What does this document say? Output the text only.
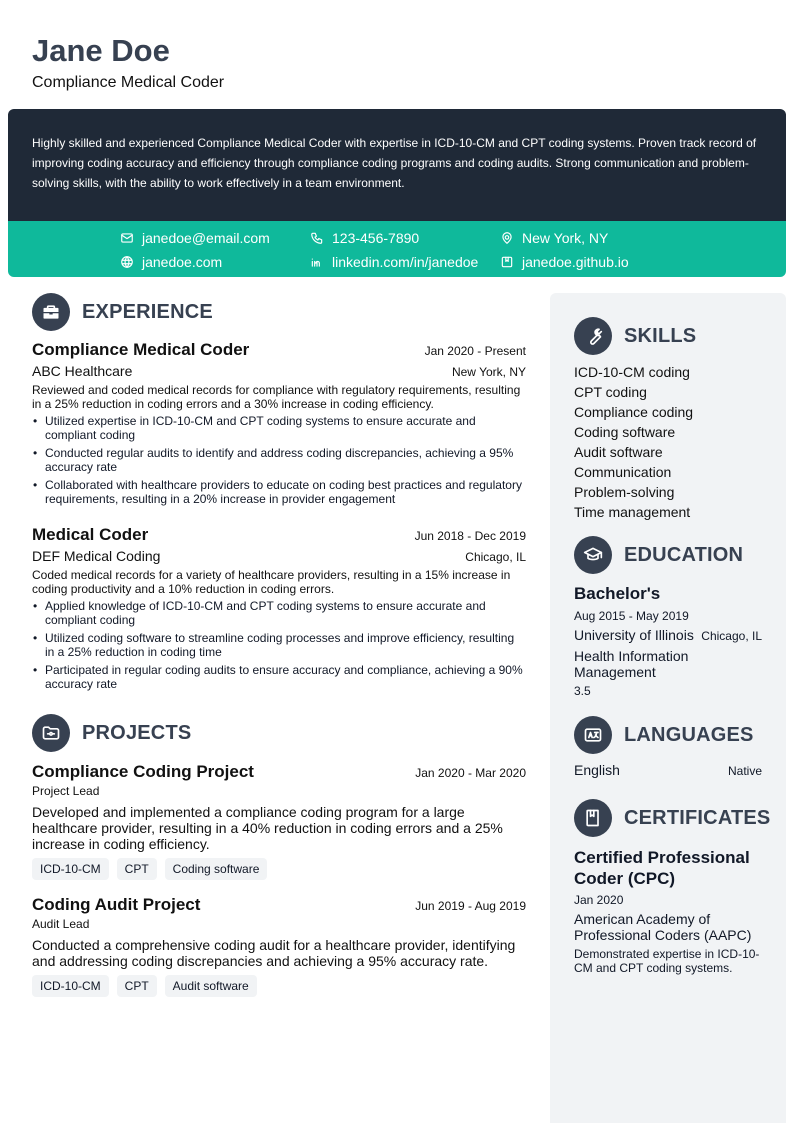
Jane Doe
Compliance Medical Coder

Highly skilled and experienced Compliance Medical Coder with expertise in ICD-10-CM and CPT coding systems. Proven track record of improving coding accuracy and efficiency through compliance coding programs and coding audits. Strong communication and problem-solving skills, with the ability to work effectively in a team environment.

janedoe@email.com	123-456-7890	New York, NY
janedoe.com	linkedin.com/in/janedoe	janedoe.github.io
EXPERIENCE
Compliance Medical Coder	Jan 2020 - Present
ABC Healthcare	New York, NY
Reviewed and coded medical records for compliance with regulatory requirements, resulting in a 25% reduction in coding errors and a 30% increase in coding efficiency.
• Utilized expertise in ICD-10-CM and CPT coding systems to ensure accurate and compliant coding
• Conducted regular audits to identify and address coding discrepancies, achieving a 95% accuracy rate
• Collaborated with healthcare providers to educate on coding best practices and regulatory requirements, resulting in a 20% increase in provider engagement
Medical Coder	Jun 2018 - Dec 2019
DEF Medical Coding	Chicago, IL
Coded medical records for a variety of healthcare providers, resulting in a 15% increase in coding productivity and a 10% reduction in coding errors.
• Applied knowledge of ICD-10-CM and CPT coding systems to ensure accurate and compliant coding
• Utilized coding software to streamline coding processes and improve efficiency, resulting in a 25% reduction in coding time
• Participated in regular coding audits to ensure accuracy and compliance, achieving a 90% accuracy rate
PROJECTS
Compliance Coding Project	Jan 2020 - Mar 2020
Project Lead
Developed and implemented a compliance coding program for a large healthcare provider, resulting in a 40% reduction in coding errors and a 25% increase in coding efficiency.
ICD-10-CM	CPT	Coding software
Coding Audit Project	Jun 2019 - Aug 2019
Audit Lead
Conducted a comprehensive coding audit for a healthcare provider, identifying and addressing coding discrepancies and achieving a 95% accuracy rate.
ICD-10-CM	CPT	Audit software
SKILLS
ICD-10-CM coding
CPT coding
Compliance coding
Coding software
Audit software
Communication
Problem-solving
Time management
EDUCATION
Bachelor's
Aug 2015 - May 2019
University of Illinois Chicago, IL
Health Information Management
3.5
LANGUAGES
English	Native
CERTIFICATES
Certified Professional Coder (CPC)
Jan 2020
American Academy of Professional Coders (AAPC)
Demonstrated expertise in ICD-10-CM and CPT coding systems.
